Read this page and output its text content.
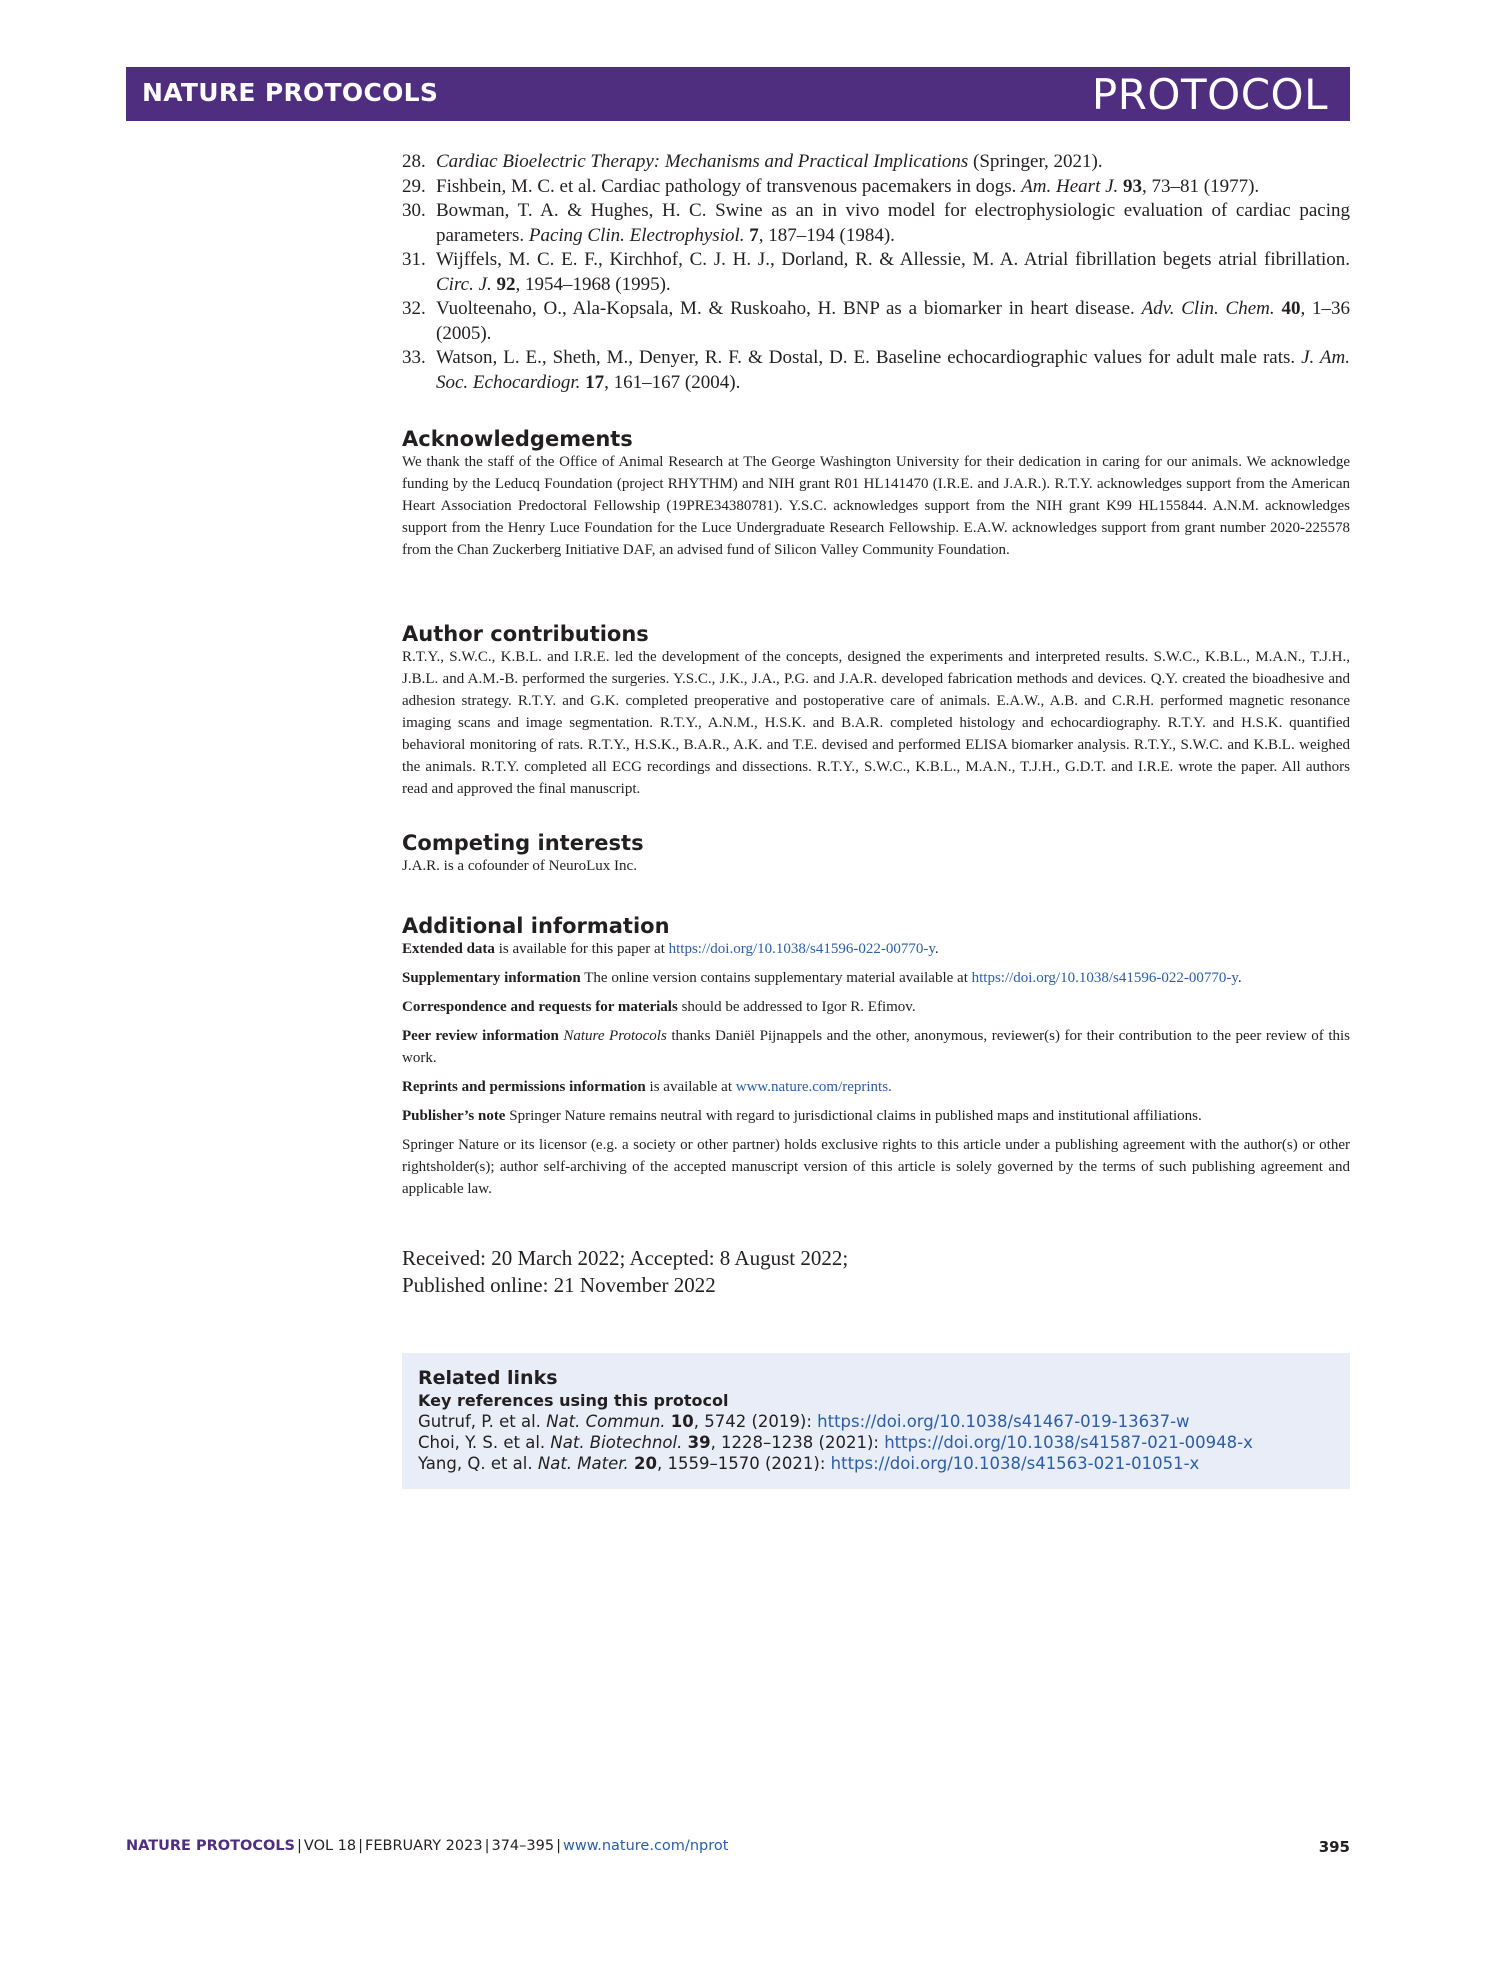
NATURE PROTOCOLS	PROTOCOL
28. Cardiac Bioelectric Therapy: Mechanisms and Practical Implications (Springer, 2021).
29. Fishbein, M. C. et al. Cardiac pathology of transvenous pacemakers in dogs. Am. Heart J. 93, 73–81 (1977).
30. Bowman, T. A. & Hughes, H. C. Swine as an in vivo model for electrophysiologic evaluation of cardiac pacing parameters. Pacing Clin. Electrophysiol. 7, 187–194 (1984).
31. Wijffels, M. C. E. F., Kirchhof, C. J. H. J., Dorland, R. & Allessie, M. A. Atrial fibrillation begets atrial fibrillation. Circ. J. 92, 1954–1968 (1995).
32. Vuolteenaho, O., Ala-Kopsala, M. & Ruskoaho, H. BNP as a biomarker in heart disease. Adv. Clin. Chem. 40, 1–36 (2005).
33. Watson, L. E., Sheth, M., Denyer, R. F. & Dostal, D. E. Baseline echocardiographic values for adult male rats. J. Am. Soc. Echocardiogr. 17, 161–167 (2004).
Acknowledgements

We thank the staff of the Office of Animal Research at The George Washington University for their dedication in caring for our animals. We acknowledge funding by the Leducq Foundation (project RHYTHM) and NIH grant R01 HL141470 (I.R.E. and J.A.R.). R.T.Y. acknowledges support from the American Heart Association Predoctoral Fellowship (19PRE34380781). Y.S.C. acknowledges support from the NIH grant K99 HL155844. A.N.M. acknowledges support from the Henry Luce Foundation for the Luce Undergraduate Research Fellowship. E.A.W. acknowledges support from grant number 2020-225578 from the Chan Zuckerberg Initiative DAF, an advised fund of Silicon Valley Community Foundation.

Author contributions

R.T.Y., S.W.C., K.B.L. and I.R.E. led the development of the concepts, designed the experiments and interpreted results. S.W.C., K.B.L., M.A.N., T.J.H., J.B.L. and A.M.-B. performed the surgeries. Y.S.C., J.K., J.A., P.G. and J.A.R. developed fabrication methods and devices. Q.Y. created the bioadhesive and adhesion strategy. R.T.Y. and G.K. completed preoperative and postoperative care of animals. E.A.W., A.B. and C.R.H. performed magnetic resonance imaging scans and image segmentation. R.T.Y., A.N.M., H.S.K. and B.A.R. completed histology and echocardiography. R.T.Y. and H.S.K. quantified behavioral monitoring of rats. R.T.Y., H.S.K., B.A.R., A.K. and T.E. devised and performed ELISA biomarker analysis. R.T.Y., S.W.C. and K.B.L. weighed the animals. R.T.Y. completed all ECG recordings and dissections. R.T.Y., S.W.C., K.B.L., M.A.N., T.J.H., G.D.T. and I.R.E. wrote the paper. All authors read and approved the final manuscript.

Competing interests

J.A.R. is a cofounder of NeuroLux Inc.

Additional information

Extended data is available for this paper at https://doi.org/10.1038/s41596-022-00770-y.

Supplementary information The online version contains supplementary material available at https://doi.org/10.1038/s41596-022-00770-y.

Correspondence and requests for materials should be addressed to Igor R. Efimov.

Peer review information Nature Protocols thanks Daniël Pijnappels and the other, anonymous, reviewer(s) for their contribution to the peer review of this work.

Reprints and permissions information is available at www.nature.com/reprints.

Publisher’s note Springer Nature remains neutral with regard to jurisdictional claims in published maps and institutional affiliations.

Springer Nature or its licensor (e.g. a society or other partner) holds exclusive rights to this article under a publishing agreement with the author(s) or other rightsholder(s); author self-archiving of the accepted manuscript version of this article is solely governed by the terms of such publishing agreement and applicable law.

Received: 20 March 2022; Accepted: 8 August 2022;
Published online: 21 November 2022

Related links

Key references using this protocol

Gutruf, P. et al. Nat. Commun. 10, 5742 (2019): https://doi.org/10.1038/s41467-019-13637-w

Choi, Y. S. et al. Nat. Biotechnol. 39, 1228–1238 (2021): https://doi.org/10.1038/s41587-021-00948-x

Yang, Q. et al. Nat. Mater. 20, 1559–1570 (2021): https://doi.org/10.1038/s41563-021-01051-x

NATURE PROTOCOLS | VOL 18 | FEBRUARY 2023 | 374–395 | www.nature.com/nprot	395
